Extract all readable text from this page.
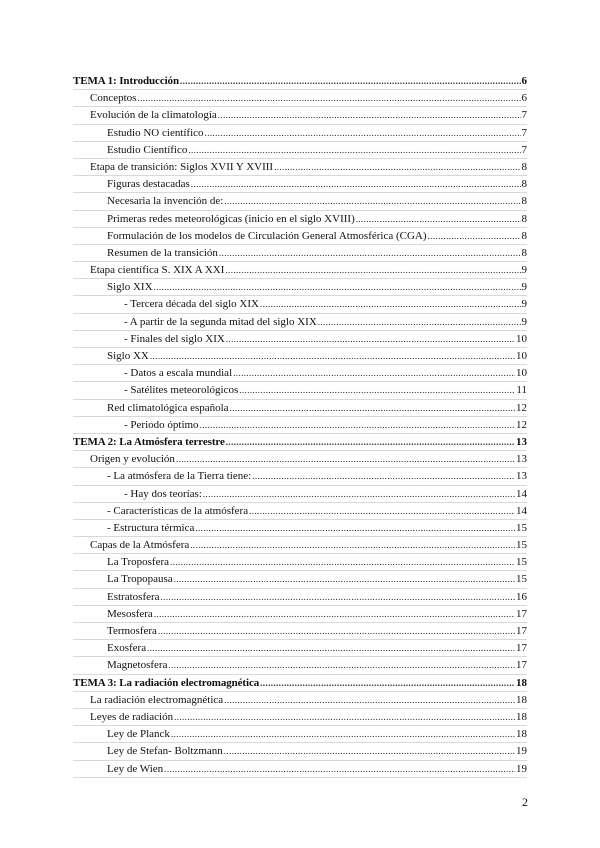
TEMA 1: Introducción .....	6
Conceptos .....	6
Evolución de la climatología .....	7
Estudio NO científico .....	7
Estudio Científico .....	7
Etapa de transición: Siglos XVII Y XVIII .....	8
Figuras destacadas .....	8
Necesaria la invención de: .....	8
Primeras redes meteorológicas (inicio en el siglo XVIII) .....	8
Formulación de los modelos de Circulación General Atmosférica (CGA) .....	8
Resumen de la transición .....	8
Etapa científica S. XIX A XXI .....	9
Siglo XIX .....	9
- Tercera década del siglo XIX .....	9
- A partir de la segunda mitad del siglo XIX .....	9
- Finales del siglo XIX .....	10
Siglo XX .....	10
- Datos a escala mundial .....	10
- Satélites meteorológicos .....	11
Red climatológica española .....	12
- Periodo óptimo .....	12
TEMA 2: La Atmósfera terrestre .....	13
Origen y evolución .....	13
- La atmósfera de la Tierra tiene: .....	13
- Hay dos teorías: .....	14
- Características de la atmósfera .....	14
- Estructura térmica .....	15
Capas de la Atmósfera .....	15
La Troposfera .....	15
La Tropopausa .....	15
Estratosfera .....	16
Mesosfera .....	17
Termosfera .....	17
Exosfera .....	17
Magnetosfera .....	17
TEMA 3: La radiación electromagnética .....	18
La radiación electromagnética .....	18
Leyes de radiación .....	18
Ley de Planck .....	18
Ley de Stefan- Boltzmann .....	19
Ley de Wien .....	19
2
